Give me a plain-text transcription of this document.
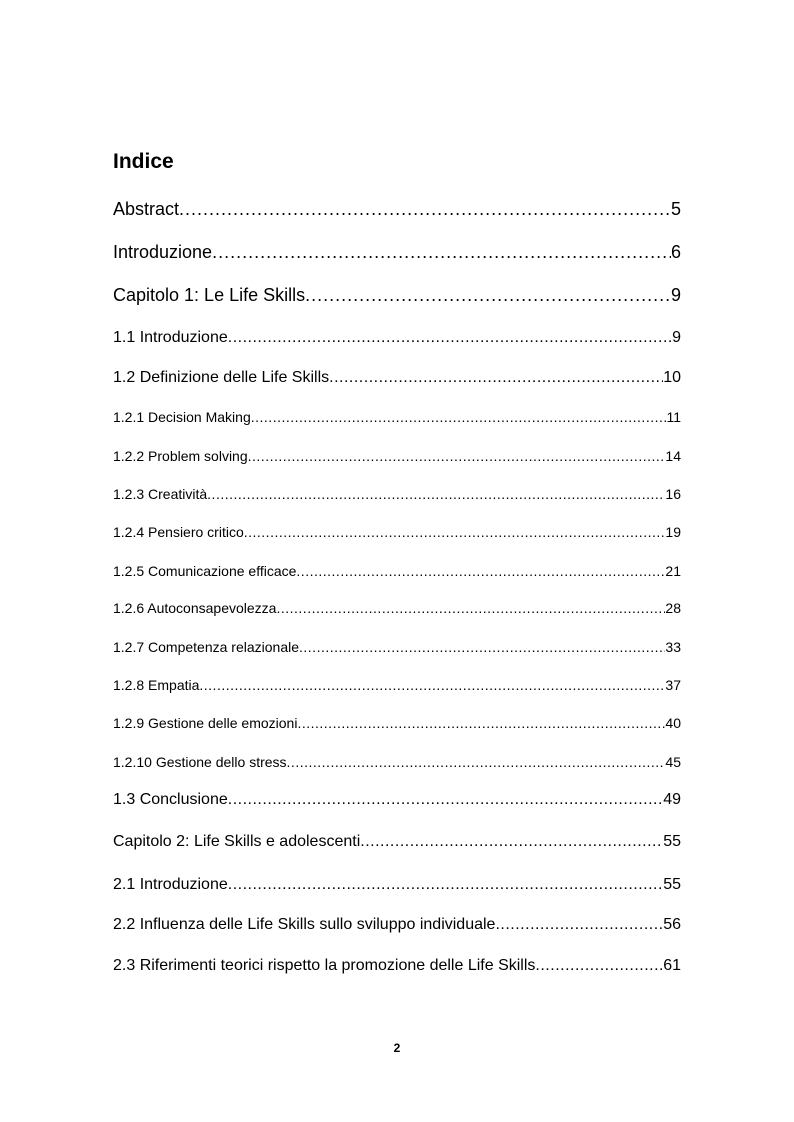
Indice
Abstract .....	5
Introduzione .....	6
Capitolo 1: Le Life Skills .....	9
1.1 Introduzione .....	9
1.2 Definizione delle Life Skills .....	10
1.2.1 Decision Making .....	11
1.2.2 Problem solving .....	14
1.2.3 Creatività .....	16
1.2.4 Pensiero critico .....	19
1.2.5 Comunicazione efficace .....	21
1.2.6 Autoconsapevolezza .....	28
1.2.7 Competenza relazionale .....	33
1.2.8 Empatia .....	37
1.2.9 Gestione delle emozioni .....	40
1.2.10 Gestione dello stress .....	45
1.3 Conclusione .....	49
Capitolo 2: Life Skills e adolescenti .....	55
2.1 Introduzione .....	55
2.2 Influenza delle Life Skills sullo sviluppo individuale .....	56
2.3 Riferimenti teorici rispetto la promozione delle Life Skills .....	61
2
